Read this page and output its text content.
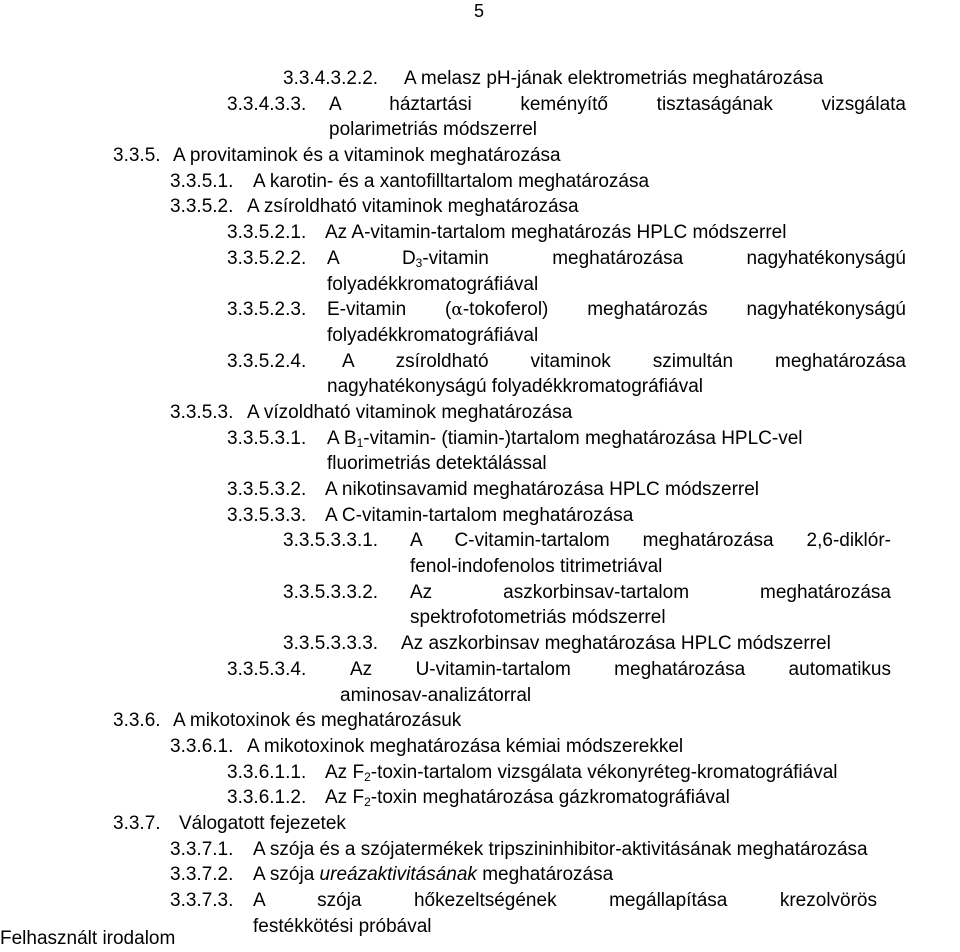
5
3.3.4.3.2.2. A melasz pH-jának elektrometriás meghatározása
3.3.4.3.3. A háztartási keményítő tisztaságának vizsgálata
polarimetriás módszerrel
3.3.5. A provitaminok és a vitaminok meghatározása
3.3.5.1. A karotin- és a xantofilltartalom meghatározása
3.3.5.2. A zsíroldható vitaminok meghatározása
3.3.5.2.1. Az A-vitamin-tartalom meghatározás HPLC módszerrel
3.3.5.2.2. A $D_3$-vitamin meghatározása nagyhatékonyságú
folyadékkromatográfiával
3.3.5.2.3. E-vitamin (α-tokoferol) meghatározás nagyhatékonyságú
folyadékkromatográfiával
3.3.5.2.4. A zsíroldható vitaminok szimultán meghatározása
nagyhatékonyságú folyadékkromatográfiával
3.3.5.3. A vízoldható vitaminok meghatározása
3.3.5.3.1. A $B_1-vitamin-$ (tiamin-)tartalom meghatározása HPLC-vel
fluorimetriás detektálással
3.3.5.3.2. A nikotinsavamid meghatározása HPLC módszerrel
3.3.5.3.3. A C-vitamin-tartalom meghatározása
3.3.5.3.3.1. A C-vitamin-tartalom meghatározása 2,6-diklór-
fenol-indofenolos titrimetriával
3.3.5.3.3.2. Az aszkorbinsav-tartalom meghatározása
spektrofotometriás módszerrel
3.3.5.3.3.3. Az aszkorbinsav meghatározása HPLC módszerrel
3.3.5.3.4. Az U-vitamin-tartalom meghatározása automatikus
aminosav-analizátorral
3.3.6. A mikotoxinok és meghatározásuk
3.3.6.1. A mikotoxinok meghatározása kémiai módszerekkel
3.3.6.1.1. Az $F_2-toxin$-tartalom vizsgálata vékonyréteg-kromatográfiával
3.3.6.1.2. Az $F_2$-toxin meghatározása gázkromatográfiával
3.3.7. Válogatott fejezetek
3.3.7.1. A szója és a szójatermékek tripszininhibitor-aktivitásának meghatározása
3.3.7.2. A szója ureázaktivitásának meghatározása
3.3.7.3. A szója hőkezeltségének megállapítása krezolvörös
festékkötési próbával
Felhasznált irodalom
